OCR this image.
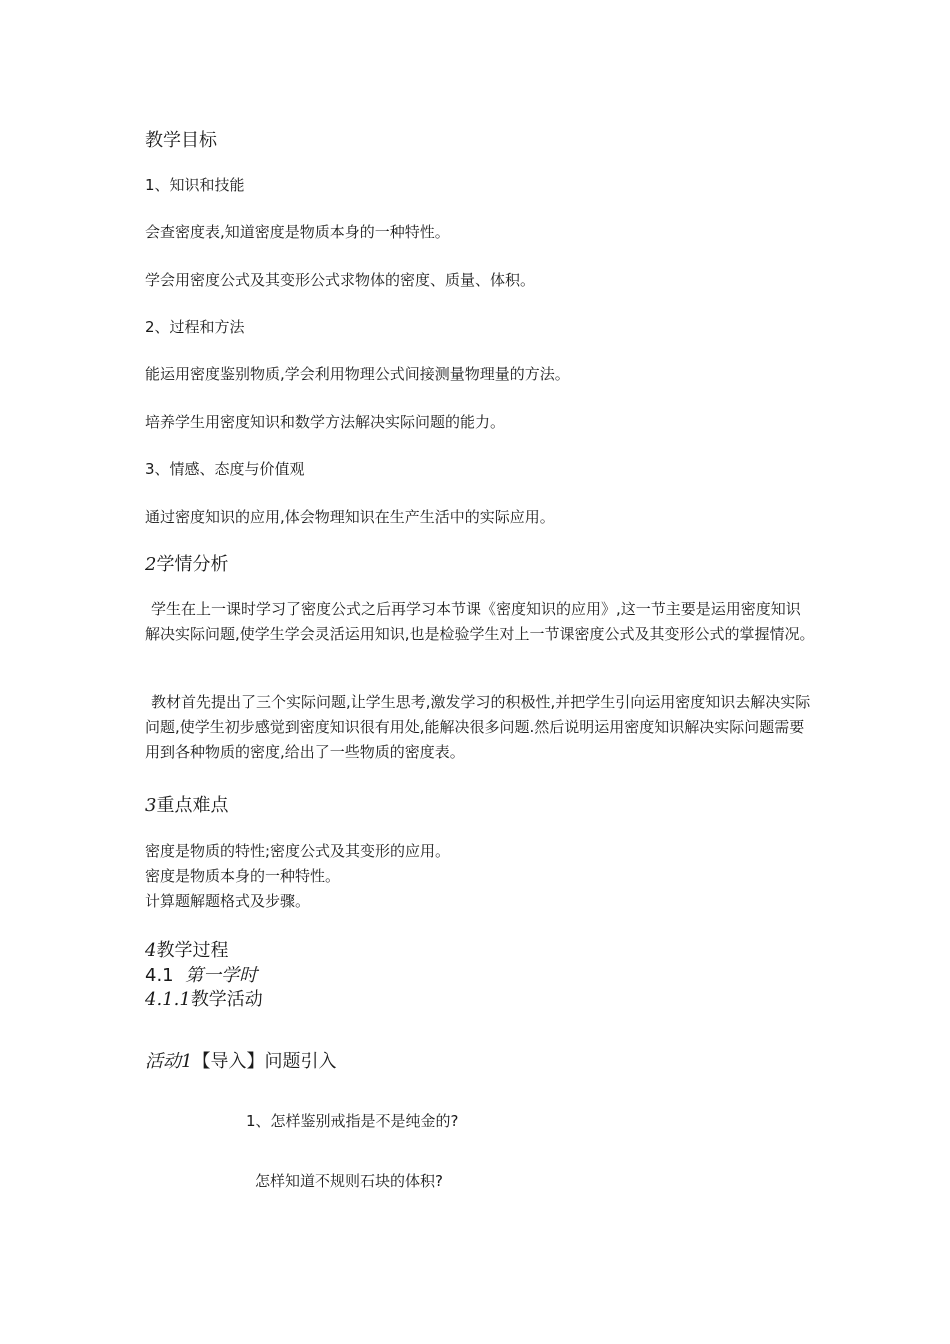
教学目标

1、知识和技能

会查密度表,知道密度是物质本身的一种特性。

学会用密度公式及其变形公式求物体的密度、质量、体积。

2、过程和方法

能运用密度鉴别物质,学会利用物理公式间接测量物理量的方法。

培养学生用密度知识和数学方法解决实际问题的能力。

3、情感、态度与价值观

通过密度知识的应用,体会物理知识在生产生活中的实际应用。

2学情分析

学生在上一课时学习了密度公式之后再学习本节课《密度知识的应用》,这一节主要是运用密度知识解决实际问题,使学生学会灵活运用知识,也是检验学生对上一节课密度公式及其变形公式的掌握情况。

教材首先提出了三个实际问题,让学生思考,激发学习的积极性,并把学生引向运用密度知识去解决实际问题,使学生初步感觉到密度知识很有用处,能解决很多问题.然后说明运用密度知识解决实际问题需要用到各种物质的密度,给出了一些物质的密度表。

3重点难点

密度是物质的特性;密度公式及其变形的应用。

密度是物质本身的一种特性。

计算题解题格式及步骤。

4教学过程

4.1 第一学时

4.1.1教学活动

活动1【导入】问题引入

1、怎样鉴别戒指是不是纯金的?

怎样知道不规则石块的体积?
